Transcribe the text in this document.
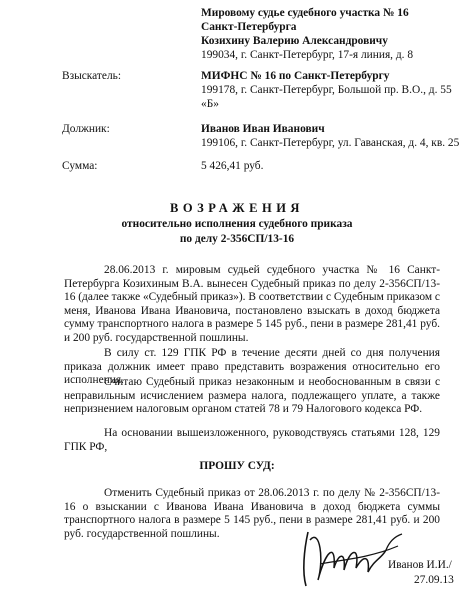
Мировому судье судебного участка № 16
Санкт-Петербурга
Козихину Валерию Александровичу
199034, г. Санкт-Петербург, 17-я линия, д. 8
Взыскатель:	МИФНС № 16 по Санкт-Петербургу
199178, г. Санкт-Петербург, Большой пр. В.О., д. 55
«Б»
Должник:	Иванов Иван Иванович
199106, г. Санкт-Петербург, ул. Гаванская, д. 4, кв. 25
Сумма:	5 426,41 руб.
ВОЗРАЖЕНИЯ
относительно исполнения судебного приказа
по делу 2-356СП/13-16
28.06.2013 г. мировым судьей судебного участка № 16 Санкт-Петербурга Козихиным В.А. вынесен Судебный приказ по делу 2-356СП/13-16 (далее также «Судебный приказ»). В соответствии с Судебным приказом с меня, Иванова Ивана Ивановича, постановлено взыскать в доход бюджета сумму транспортного налога в размере 5 145 руб., пени в размере 281,41 руб. и 200 руб. государственной пошлины.
В силу ст. 129 ГПК РФ в течение десяти дней со дня получения приказа должник имеет право представить возражения относительно его исполнения.
Считаю Судебный приказ незаконным и необоснованным в связи с неправильным исчислением размера налога, подлежащего уплате, а также непризнением налоговым органом статей 78 и 79 Налогового кодекса РФ.
На основании вышеизложенного, руководствуясь статьями 128, 129 ГПК РФ,
ПРОШУ СУД:
Отменить Судебный приказ от 28.06.2013 г. по делу № 2-356СП/13-16 о взыскании с Иванова Ивана Ивановича в доход бюджета суммы транспортного налога в размере 5 145 руб., пени в размере 281,41 руб. и 200 руб. государственной пошлины.
Иванов И.И./
27.09.13
